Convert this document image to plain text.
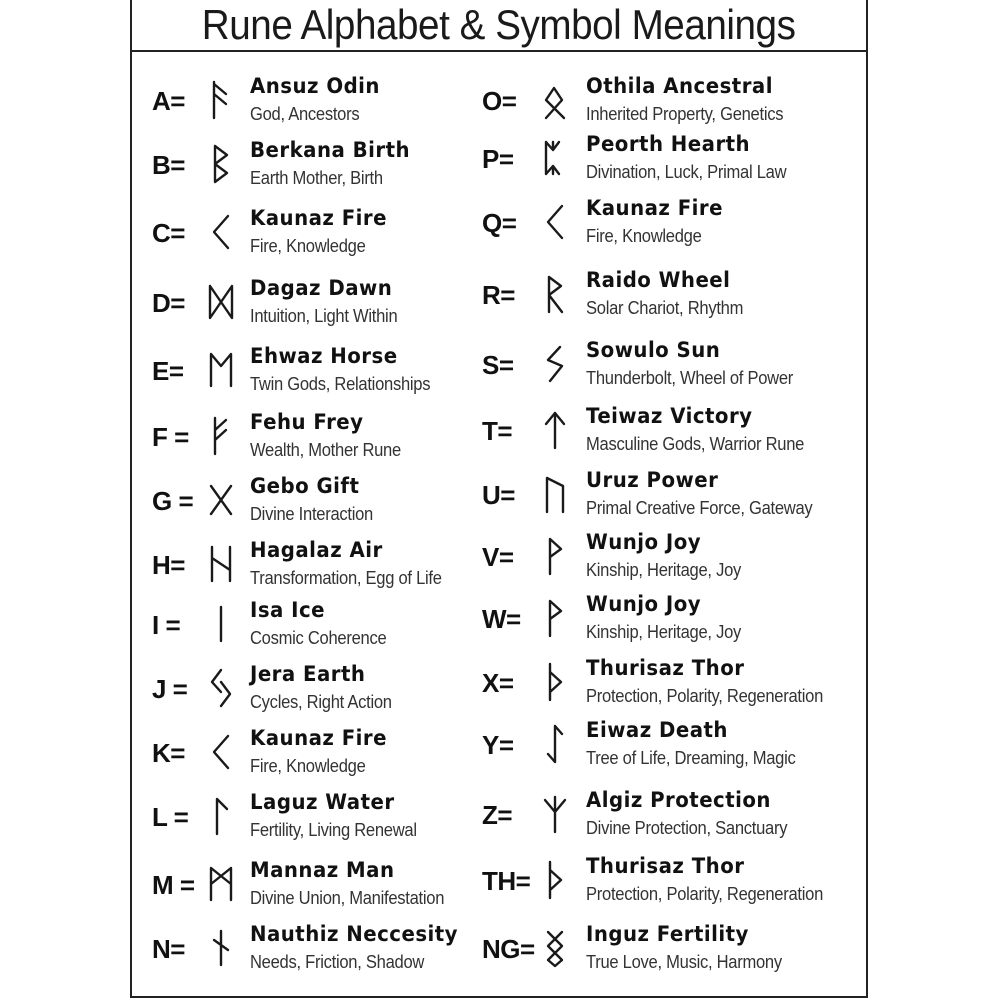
Rune Alphabet & Symbol Meanings
A=	Ansuz Odin
God, Ancestors
B=	Berkana Birth
Earth Mother, Birth
C=	Kaunaz Fire
Fire, Knowledge
D=	Dagaz Dawn
Intuition, Light Within
E=	Ehwaz Horse
Twin Gods, Relationships
F =	Fehu Frey
Wealth, Mother Rune
G =	Gebo Gift
Divine Interaction
H=	Hagalaz Air
Transformation, Egg of Life
I =	Isa Ice
Cosmic Coherence
J =	Jera Earth
Cycles, Right Action
K=	Kaunaz Fire
Fire, Knowledge
L =	Laguz Water
Fertility, Living Renewal
M =	Mannaz Man
Divine Union, Manifestation
N=	Nauthiz Neccesity
Needs, Friction, Shadow
O=	Othila Ancestral
Inherited Property, Genetics
P=	Peorth Hearth
Divination, Luck, Primal Law
Q=	Kaunaz Fire
Fire, Knowledge
R=	Raido Wheel
Solar Chariot, Rhythm
S=	Sowulo Sun
Thunderbolt, Wheel of Power
T=	Teiwaz Victory
Masculine Gods, Warrior Rune
U=	Uruz Power
Primal Creative Force, Gateway
V=	Wunjo Joy
Kinship, Heritage, Joy
W=	Wunjo Joy
Kinship, Heritage, Joy
X=	Thurisaz Thor
Protection, Polarity, Regeneration
Y=	Eiwaz Death
Tree of Life, Dreaming, Magic
Z=	Algiz Protection
Divine Protection, Sanctuary
TH=	Thurisaz Thor
Protection, Polarity, Regeneration
NG= Inguz Fertility
True Love, Music, Harmony
